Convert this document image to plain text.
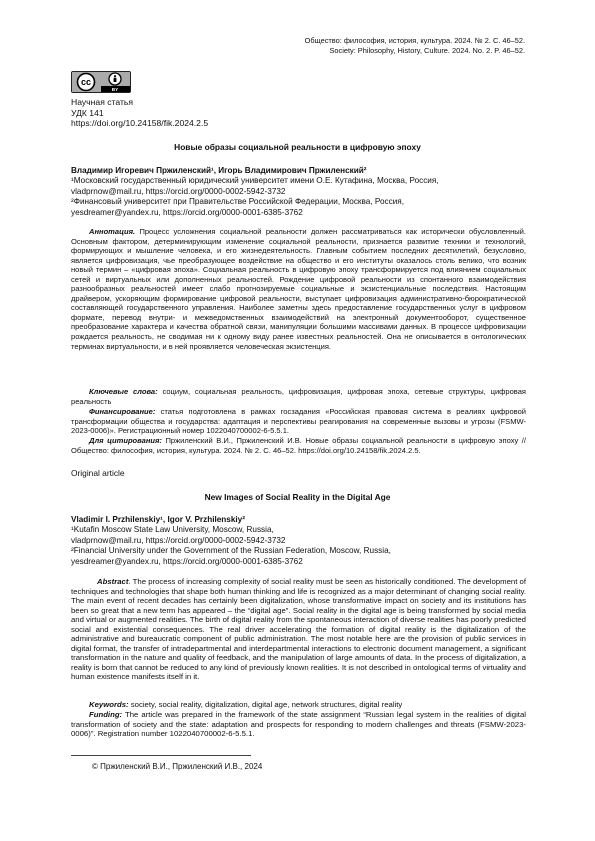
Общество: философия, история, культура. 2024. № 2. С. 46–52.
Society: Philosophy, History, Culture. 2024. No. 2. P. 46–52.
cc
BY
Научная статья
УДК 141
https://doi.org/10.24158/fik.2024.2.5
Новые образы социальной реальности в цифровую эпоху
Владимир Игоревич Пржиленский¹, Игорь Владимирович Пржиленский²
¹Московский государственный юридический университет имени О.Е. Кутафина, Москва, Россия,
vladprnow@mail.ru, https://orcid.org/0000-0002-5942-3732
²Финансовый университет при Правительстве Российской Федерации, Москва, Россия,
yesdreamer@yandex.ru, https://orcid.org/0000-0001-6385-3762
Аннотация. Процесс усложнения социальной реальности должен рассматриваться как исторически обусловленный. Основным фактором, детерминирующим изменение социальной реальности, признается развитие техники и технологий, формирующих и мышление человека, и его жизнедеятельность. Главным событием последних десятилетий, безусловно, является цифровизация, чье преобразующее воздействие на общество и его институты оказалось столь велико, что возник новый термин – «цифровая эпоха». Социальная реальность в цифровую эпоху трансформируется под влиянием социальных сетей и виртуальных или дополненных реальностей. Рождение цифровой реальности из спонтанного взаимодействия разнообразных реальностей имеет слабо прогнозируемые социальные и экзистенциальные последствия. Настоящим драйвером, ускоряющим формирование цифровой реальности, выступает цифровизация административно-бюрократической составляющей государственного управления. Наиболее заметны здесь предоставление государственных услуг в цифровом формате, перевод внутри- и межведомственных взаимодействий на электронный документооборот, существенное преобразование характера и качества обратной связи, манипуляции большими массивами данных. В процессе цифровизации рождается реальность, не сводимая ни к одному виду ранее известных реальностей. Она не описывается в онтологических терминах виртуальности, и в ней проявляется человеческая экзистенция.
Ключевые слова: социум, социальная реальность, цифровизация, цифровая эпоха, сетевые структуры, цифровая реальность
Финансирование: статья подготовлена в рамках госзадания «Российская правовая система в реалиях цифровой трансформации общества и государства: адаптация и перспективы реагирования на современные вызовы и угрозы (FSMW-2023-0006)». Регистрационный номер 1022040700002-6-5.5.1.
Для цитирования: Пржиленский В.И., Пржиленский И.В. Новые образы социальной реальности в цифровую эпоху // Общество: философия, история, культура. 2024. № 2. С. 46–52. https://doi.org/10.24158/fik.2024.2.5.
Original article
New Images of Social Reality in the Digital Age
Vladimir I. Przhilenskiy¹, Igor V. Przhilenskiy²
¹Kutafin Moscow State Law University, Moscow, Russia,
vladprnow@mail.ru, https://orcid.org/0000-0002-5942-3732
²Financial University under the Government of the Russian Federation, Moscow, Russia,
yesdreamer@yandex.ru, https://orcid.org/0000-0001-6385-3762
Abstract. The process of increasing complexity of social reality must be seen as historically conditioned. The development of techniques and technologies that shape both human thinking and life is recognized as a major determinant of changing social reality. The main event of recent decades has certainly been digitalization, whose transformative impact on society and its institutions has been so great that a new term has appeared – the “digital age”. Social reality in the digital age is being transformed by social media and virtual or augmented realities. The birth of digital reality from the spontaneous interaction of diverse realities has poorly predicted social and existential consequences. The real driver accelerating the formation of digital reality is the digitalization of the administrative and bureaucratic component of public administration. The most notable here are the provision of public services in digital format, the transfer of intradepartmental and interdepartmental interactions to electronic document management, a significant transformation in the nature and quality of feedback, and the manipulation of large amounts of data. In the process of digitalization, a reality is born that cannot be reduced to any kind of previously known realities. It is not described in ontological terms of virtuality and human existence manifests itself in it.
Keywords: society, social reality, digitalization, digital age, network structures, digital reality
Funding: The article was prepared in the framework of the state assignment “Russian legal system in the realities of digital transformation of society and the state: adaptation and prospects for responding to modern challenges and threats (FSMW-2023-0006)”. Registration number 1022040700002-6-5.5.1.
© Пржиленский В.И., Пржиленский И.В., 2024
